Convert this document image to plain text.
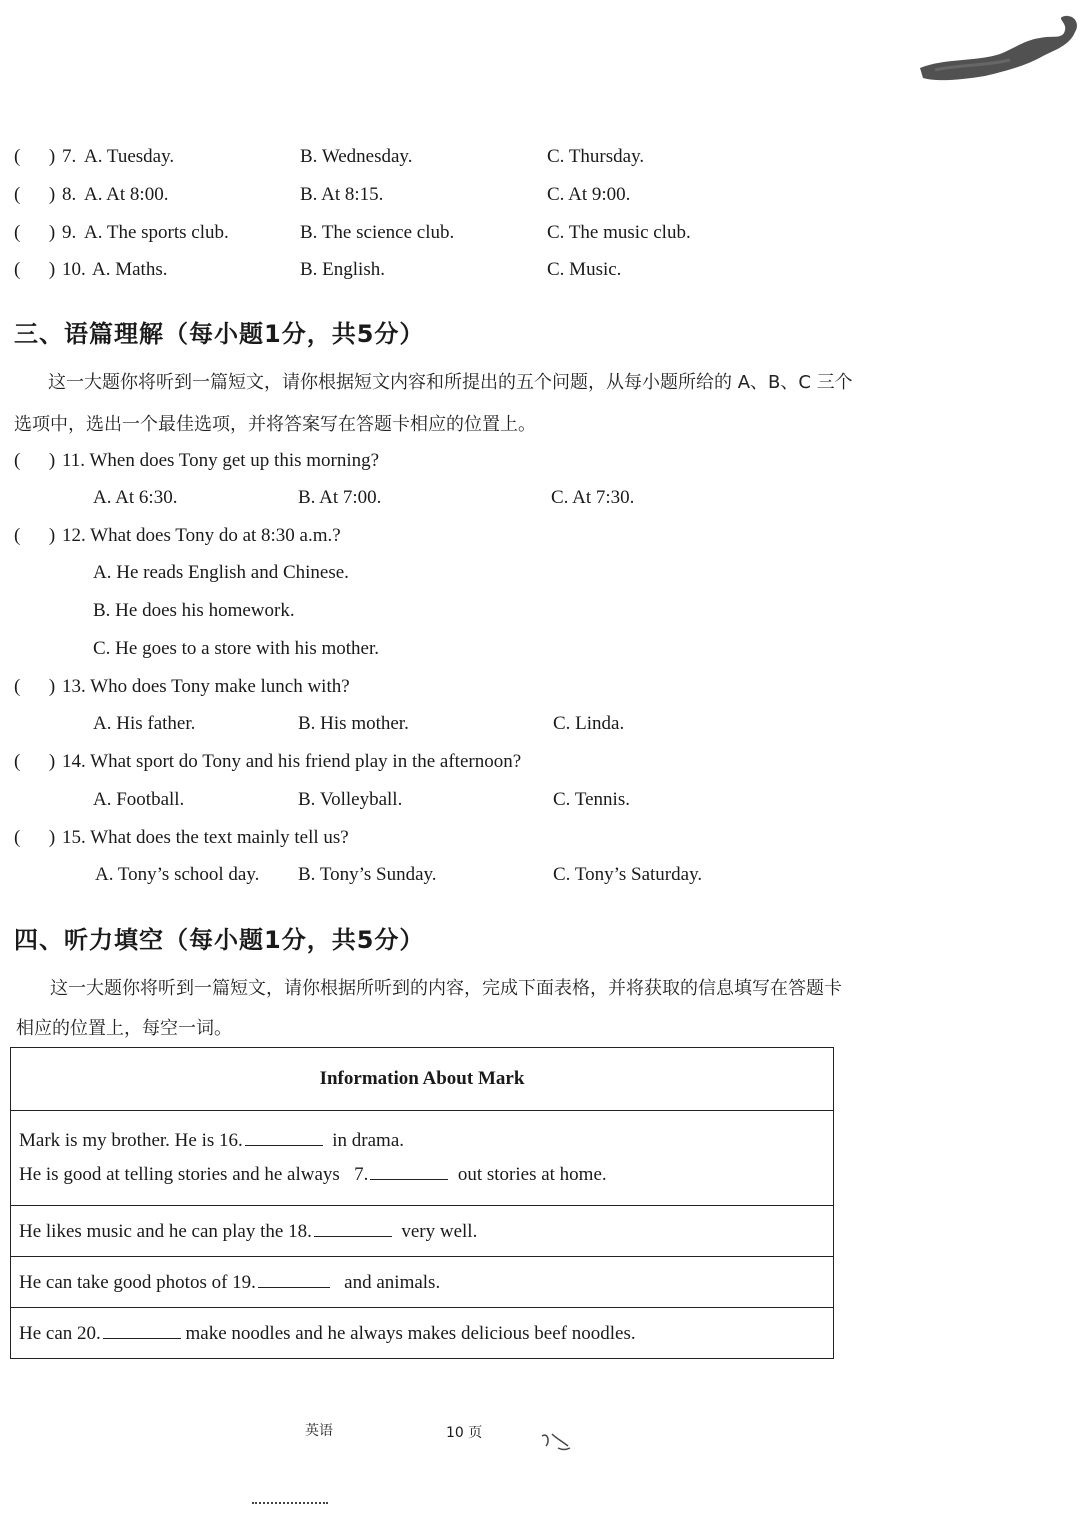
(      ) 7. A. Tuesday.	B. Wednesday.	C. Thursday.
(      ) 8. A. At 8:00.	B. At 8:15.	C. At 9:00.
(      ) 9. A. The sports club.	B. The science club.	C. The music club.
(      ) 10. A. Maths.	B. English.	C. Music.
三、语篇理解（每小题1分，共5分）
这一大题你将听到一篇短文，请你根据短文内容和所提出的五个问题，从每小题所给的 A、B、C 三个
选项中，选出一个最佳选项，并将答案写在答题卡相应的位置上。
(      ) 11. When does Tony get up this morning?
A. At 6:30.	B. At 7:00.	C. At 7:30.
(      ) 12. What does Tony do at 8:30 a.m.?
A. He reads English and Chinese.
B. He does his homework.
C. He goes to a store with his mother.
(      ) 13. Who does Tony make lunch with?
A. His father.	B. His mother.	C. Linda.
(      ) 14. What sport do Tony and his friend play in the afternoon?
A. Football.	B. Volleyball.	C. Tennis.
(      ) 15. What does the text mainly tell us?
A. Tony’s school day. B. Tony’s Sunday.	C. Tony’s Saturday.
四、听力填空（每小题1分，共5分）
这一大题你将听到一篇短文，请你根据所听到的内容，完成下面表格，并将获取的信息填写在答题卡
相应的位置上，每空一词。
Information About Mark

Mark is my brother. He is 16.	in drama.
He is good at telling stories and he always   7.	out stories at home.

He likes music and he can play the 18.	very well.
He can take good photos of 19.	and animals.
He can 20.	make noodles and he always makes delicious beef noodles.
英语	10 页
